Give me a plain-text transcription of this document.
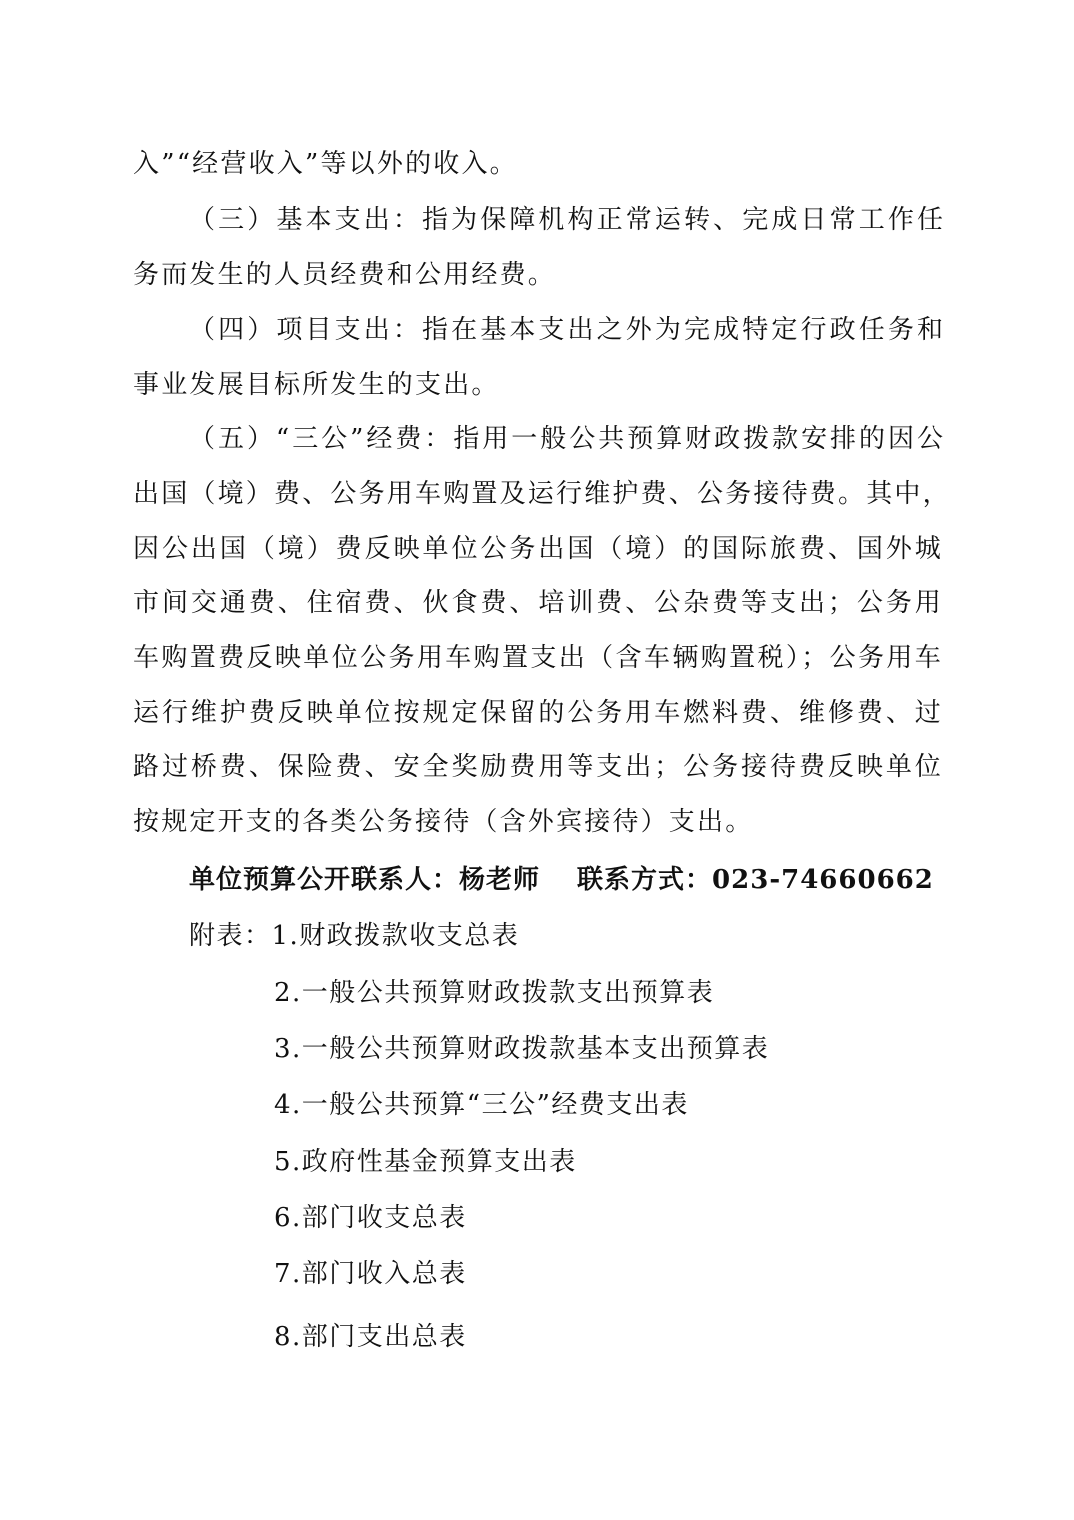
入”“经营收入”等以外的收入。
（三）基本支出：指为保障机构正常运转、完成日常工作任
务而发生的人员经费和公用经费。
（四）项目支出：指在基本支出之外为完成特定行政任务和
事业发展目标所发生的支出。
（五）“三公”经费：指用一般公共预算财政拨款安排的因公
出国（境）费、公务用车购置及运行维护费、公务接待费。其中，
因公出国（境）费反映单位公务出国（境）的国际旅费、国外城
市间交通费、住宿费、伙食费、培训费、公杂费等支出；公务用
车购置费反映单位公务用车购置支出（含车辆购置税）；公务用车
运行维护费反映单位按规定保留的公务用车燃料费、维修费、过
路过桥费、保险费、安全奖励费用等支出；公务接待费反映单位
按规定开支的各类公务接待（含外宾接待）支出。
单位预算公开联系人：杨老师　 联系方式：023-74660662
附表：1.财政拨款收支总表
2.一般公共预算财政拨款支出预算表
3.一般公共预算财政拨款基本支出预算表
4.一般公共预算“三公”经费支出表
5.政府性基金预算支出表
6.部门收支总表
7.部门收入总表
8.部门支出总表
